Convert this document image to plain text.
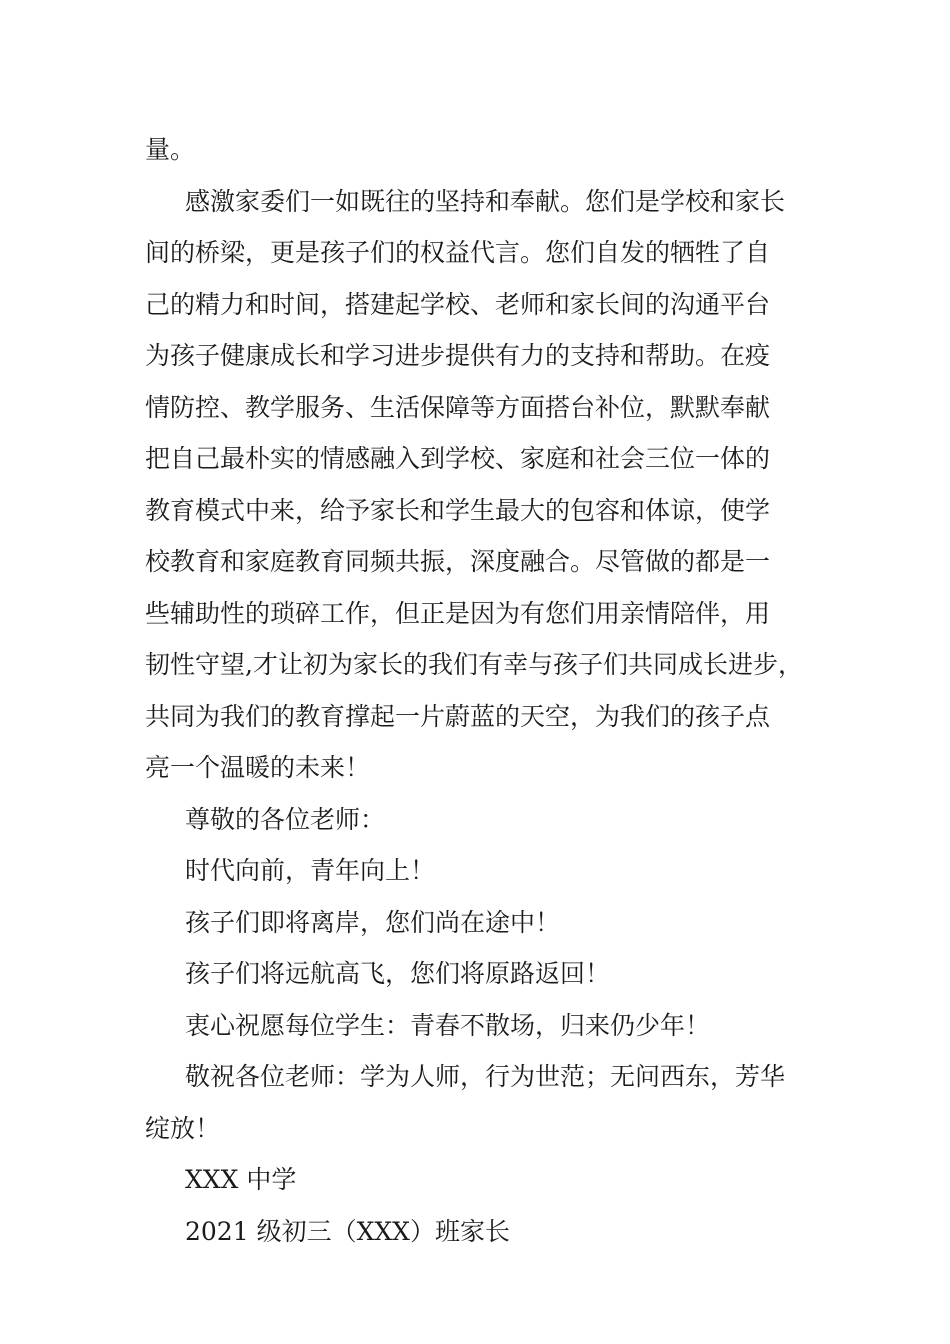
量。

感激家委们一如既往的坚持和奉献。您们是学校和家长

间的桥梁，更是孩子们的权益代言。您们自发的牺牲了自

己的精力和时间，搭建起学校、老师和家长间的沟通平台

为孩子健康成长和学习进步提供有力的支持和帮助。在疫

情防控、教学服务、生活保障等方面搭台补位，默默奉献

把自己最朴实的情感融入到学校、家庭和社会三位一体的

教育模式中来，给予家长和学生最大的包容和体谅，使学

校教育和家庭教育同频共振，深度融合。尽管做的都是一

些辅助性的琐碎工作，但正是因为有您们用亲情陪伴，用

韧性守望,才让初为家长的我们有幸与孩子们共同成长进步，

共同为我们的教育撑起一片蔚蓝的天空，为我们的孩子点

亮一个温暖的未来！

尊敬的各位老师：

时代向前，青年向上！

孩子们即将离岸，您们尚在途中！

孩子们将远航高飞，您们将原路返回！

衷心祝愿每位学生：青春不散场，归来仍少年！

敬祝各位老师：学为人师，行为世范；无问西东，芳华

绽放！

XXX 中学

2021 级初三（XXX）班家长
